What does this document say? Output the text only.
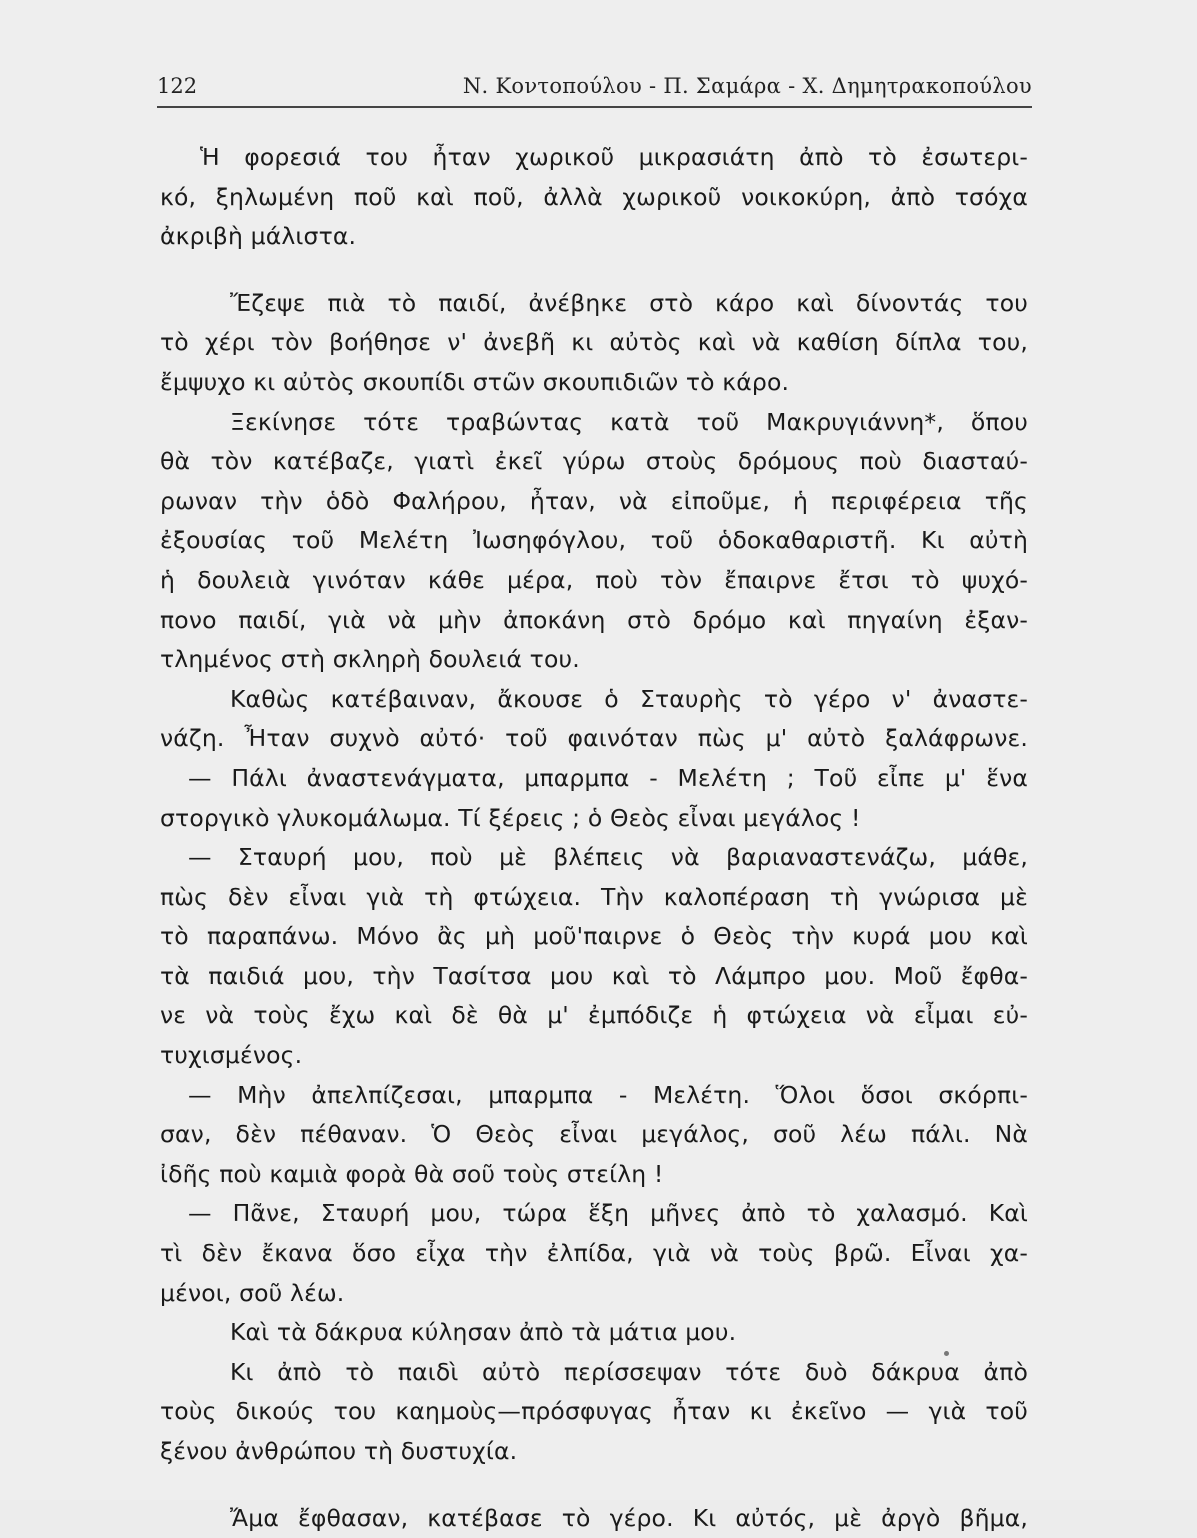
122	Ν. Κοντοπούλου - Π. Σαμάρα - Χ. Δημητρακοπούλου
Ἡ φορεσιά του ἦταν χωρικοῦ μικρασιάτη ἀπὸ τὸ ἐσωτερι-
κό, ξηλωμένη ποῦ καὶ ποῦ, ἀλλὰ χωρικοῦ νοικοκύρη, ἀπὸ τσόχα
ἀκριβὴ μάλιστα.
Ἔζεψε πιὰ τὸ παιδί, ἀνέβηκε στὸ κάρο καὶ δίνοντάς του
τὸ χέρι τὸν βοήθησε ν' ἀνεβῆ κι αὐτὸς καὶ νὰ καθίση δίπλα του,
ἔμψυχο κι αὐτὸς σκουπίδι στῶν σκουπιδιῶν τὸ κάρο.
Ξεκίνησε τότε τραβώντας κατὰ τοῦ Μακρυγιάννη*, ὅπου
θὰ τὸν κατέβαζε, γιατὶ ἐκεῖ γύρω στοὺς δρόμους ποὺ διασταύ-
ρωναν τὴν ὁδὸ Φαλήρου, ἦταν, νὰ εἰποῦμε, ἡ περιφέρεια τῆς
ἐξουσίας τοῦ Μελέτη Ἰωσηφόγλου, τοῦ ὁδοκαθαριστῆ. Κι αὐτὴ
ἡ δουλειὰ γινόταν κάθε μέρα, ποὺ τὸν ἔπαιρνε ἔτσι τὸ ψυχό-
πονο παιδί, γιὰ νὰ μὴν ἀποκάνη στὸ δρόμο καὶ πηγαίνη ἐξαν-
τλημένος στὴ σκληρὴ δουλειά του.
Καθὼς κατέβαιναν, ἄκουσε ὁ Σταυρὴς τὸ γέρο ν' ἀναστε-
νάζη. Ἦταν συχνὸ αὐτό· τοῦ φαινόταν πὼς μ' αὐτὸ ξαλάφρωνε.
— Πάλι ἀναστενάγματα, μπαρμπα - Μελέτη ; Τοῦ εἶπε μ' ἕνα
στοργικὸ γλυκομάλωμα. Τί ξέρεις ; ὁ Θεὸς εἶναι μεγάλος !
— Σταυρή μου, ποὺ μὲ βλέπεις νὰ βαριαναστενάζω, μάθε,
πὼς δὲν εἶναι γιὰ τὴ φτώχεια. Τὴν καλοπέραση τὴ γνώρισα μὲ
τὸ παραπάνω. Μόνο ἂς μὴ μοῦ'παιρνε ὁ Θεὸς τὴν κυρά μου καὶ
τὰ παιδιά μου, τὴν Τασίτσα μου καὶ τὸ Λάμπρο μου. Μοῦ ἔφθα-
νε νὰ τοὺς ἔχω καὶ δὲ θὰ μ' ἐμπόδιζε ἡ φτώχεια νὰ εἶμαι εὐ-
τυχισμένος.
— Μὴν ἀπελπίζεσαι, μπαρμπα - Μελέτη. Ὅλοι ὅσοι σκόρπι-
σαν, δὲν πέθαναν. Ὁ Θεὸς εἶναι μεγάλος, σοῦ λέω πάλι. Νὰ
ἰδῆς ποὺ καμιὰ φορὰ θὰ σοῦ τοὺς στείλη !
— Πᾶνε, Σταυρή μου, τώρα ἕξη μῆνες ἀπὸ τὸ χαλασμό. Καὶ
τὶ δὲν ἔκανα ὅσο εἶχα τὴν ἐλπίδα, γιὰ νὰ τοὺς βρῶ. Εἶναι χα-
μένοι, σοῦ λέω.
Καὶ τὰ δάκρυα κύλησαν ἀπὸ τὰ μάτια μου.
Κι ἀπὸ τὸ παιδὶ αὐτὸ περίσσεψαν τότε δυὸ δάκρυα ἀπὸ
τοὺς δικούς του καημοὺς—πρόσφυγας ἦταν κι ἐκεῖνο — γιὰ τοῦ
ξένου ἀνθρώπου τὴ δυστυχία.
Ἄμα ἔφθασαν, κατέβασε τὸ γέρο. Κι αὐτός, μὲ ἀργὸ βῆμα,
